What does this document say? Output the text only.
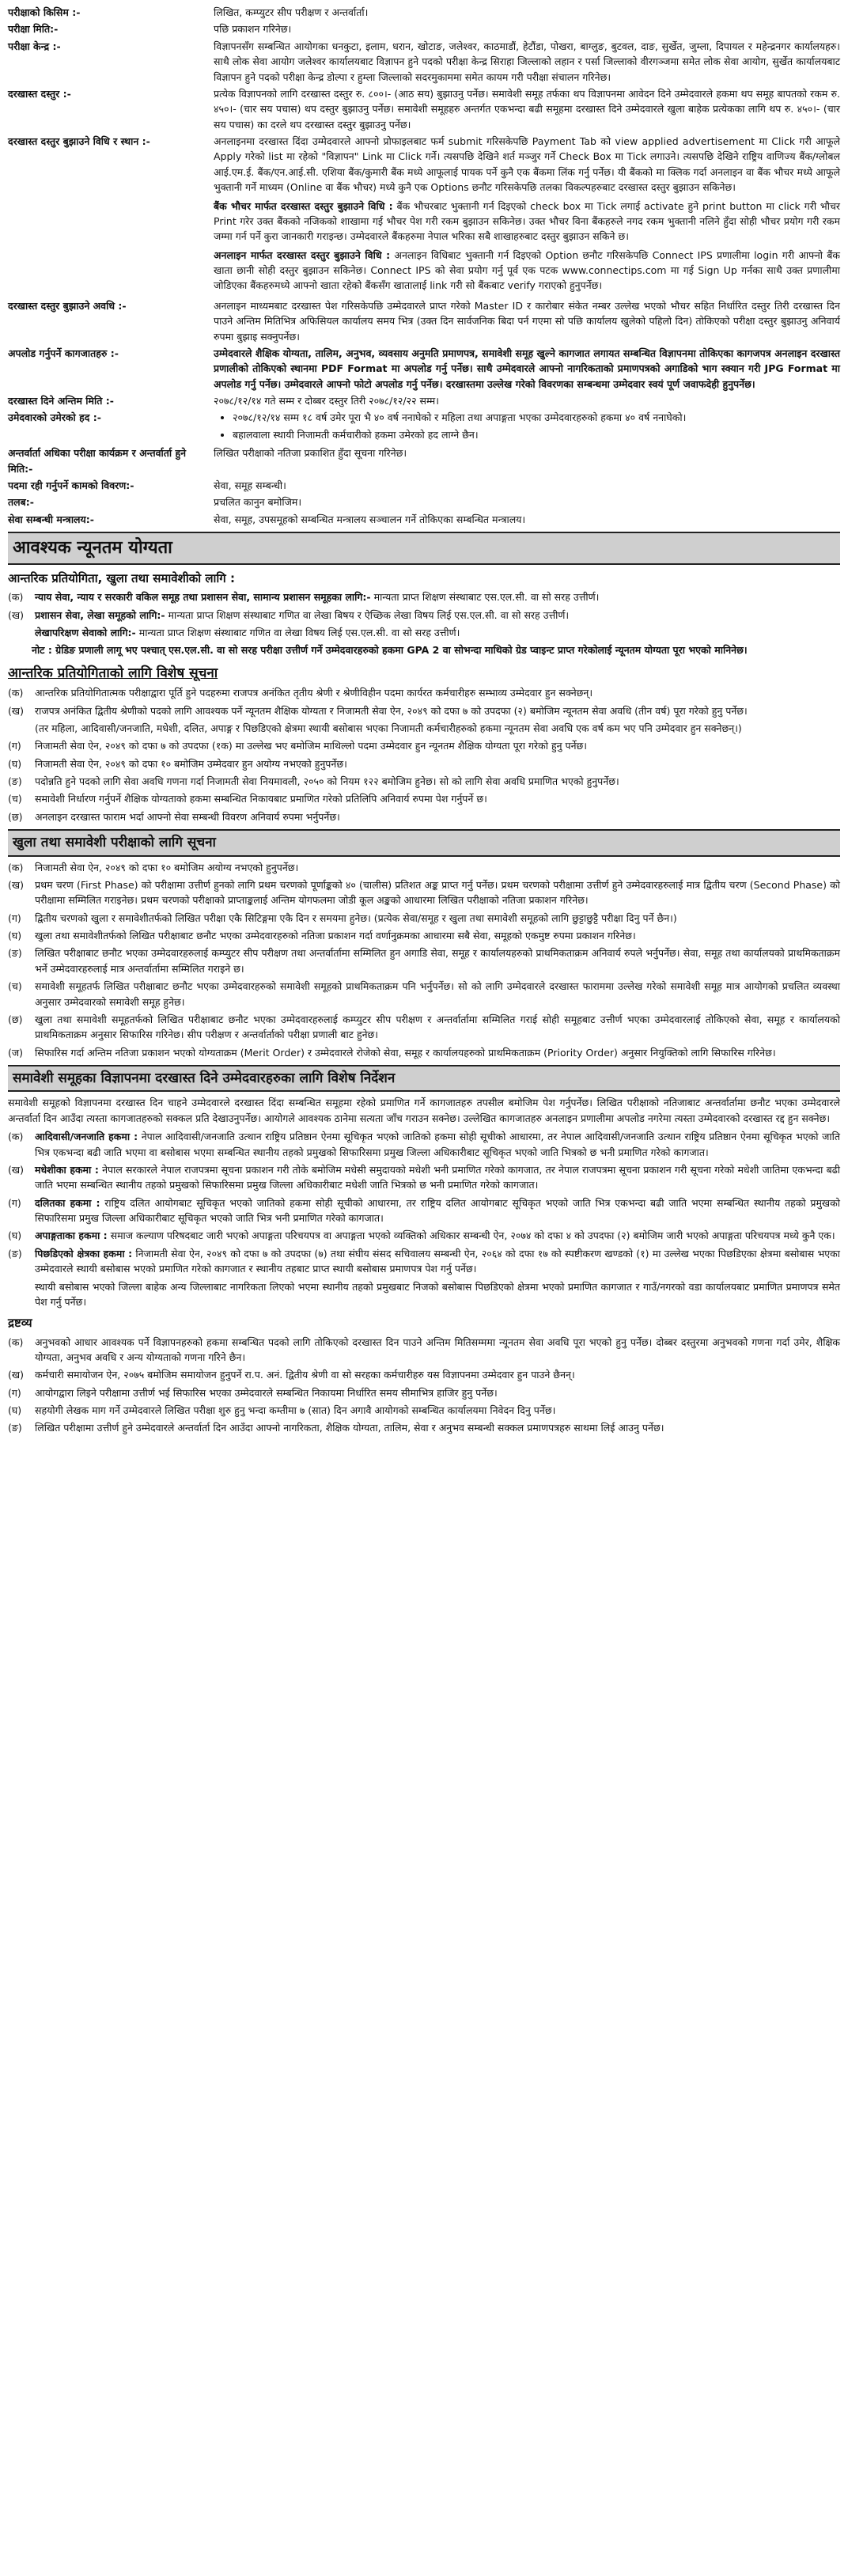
परीक्षाको किसिम :-	लिखित, कम्प्युटर सीप परीक्षण र अन्तर्वार्ता।
परीक्षा मिति:-	पछि प्रकाशन गरिनेछ।
परीक्षा केन्द्र :-	विज्ञापनसँग सम्बन्धित आयोगका धनकुटा, इलाम, धरान, खोटाङ, जलेश्वर, काठमाडौं, हेटौंडा, पोखरा, बाग्लुङ, बुटवल, दाङ, सुर्खेत, जुम्ला, दिपायल र महेन्द्रनगर कार्यालयहरु। साथै लोक सेवा आयोग जलेश्वर कार्यालयबाट विज्ञापन हुने पदको परीक्षा केन्द्र सिराहा जिल्लाको लहान र पर्सा जिल्लाको वीरगञ्जमा समेत लोक सेवा आयोग, सुर्खेत कार्यालयबाट विज्ञापन हुने पदको परीक्षा केन्द्र डोल्पा र हुम्ला जिल्लाको सदरमुकाममा समेत कायम गरी परीक्षा संचालन गरिनेछ।
दरखास्त दस्तुर :-	प्रत्येक विज्ञापनको लागि दरखास्त दस्तुर रु. ८००।- (आठ सय) बुझाउनु पर्नेछ। समावेशी समूह तर्फका थप विज्ञापनमा आवेदन दिने उम्मेदवारले हकमा थप समूह बापतको रकम रु. ४५०।- (चार सय पचास) थप दस्तुर बुझाउनु पर्नेछ। समावेशी समूहहरु अन्तर्गत एकभन्दा बढी समूहमा दरखास्त दिने उम्मेदवारले खुला बाहेक प्रत्येकका लागि थप रु. ४५०।- (चार सय पचास) का दरले थप दरखास्त दस्तुर बुझाउनु पर्नेछ।
दरखास्त दस्तुर बुझाउने विधि र स्थान :-	अनलाइनमा दरखास्त दिंदा उम्मेदवारले आफ्नो प्रोफाइलबाट फर्म submit गरिसकेपछि Payment Tab को view applied advertisement मा Click गरी आफूले Apply गरेको list मा रहेको "विज्ञापन" Link मा Click गर्ने। त्यसपछि देखिने शर्त मञ्जुर गर्ने Check Box मा Tick लगाउने। त्यसपछि देखिने राष्ट्रिय वाणिज्य बैंक/ग्लोबल आई.एम.ई. बैंक/एन.आई.सी. एशिया बैंक/कुमारी बैंक मध्ये आफूलाई पायक पर्ने कुनै एक बैंकमा लिंक गर्नु पर्नेछ। यी बैंकको मा क्लिक गर्दा अनलाइन वा बैंक भौचर मध्ये आफूले भुक्तानी गर्ने माध्यम (Online वा बैंक भौचर) मध्ये कुनै एक Options छनौट गरिसकेपछि तलका विकल्पहरुबाट दरखास्त दस्तुर बुझाउन सकिनेछ।

बैंक भौचर मार्फत दरखास्त दस्तुर बुझाउने विधि : बैंक भौचरबाट भुक्तानी गर्न दिइएको check box मा Tick लगाई activate हुने print button मा click गरी भौचर Print गरेर उक्त बैंकको नजिकको शाखामा गई भौचर पेश गरी रकम बुझाउन सकिनेछ। उक्त भौचर विना बैंकहरुले नगद रकम भुक्तानी नलिने हुँदा सोही भौचर प्रयोग गरी रकम जम्मा गर्न पर्ने कुरा जानकारी गराइन्छ। उम्मेदवारले बैंकहरुमा नेपाल भरिका सबै शाखाहरुबाट दस्तुर बुझाउन सकिने छ।

अनलाइन मार्फत दरखास्त दस्तुर बुझाउने विधि : अनलाइन विधिबाट भुक्तानी गर्न दिइएको Option छनौट गरिसकेपछि Connect IPS प्रणालीमा login गरी आफ्नो बैंक खाता छानी सोही दस्तुर बुझाउन सकिनेछ। Connect IPS को सेवा प्रयोग गर्नु पूर्व एक पटक www.connectips.com मा गई Sign Up गर्नका साथै उक्त प्रणालीमा जोडिएका बैंकहरुमध्ये आफ्नो खाता रहेको बैंकसँग खातालाई link गरी सो बैंकबाट verify गराएको हुनुपर्नेछ।

दरखास्त दस्तुर बुझाउने अवधि :-	अनलाइन माध्यमबाट दरखास्त पेश गरिसकेपछि उम्मेदवारले प्राप्त गरेको Master ID र कारोबार संकेत नम्बर उल्लेख भएको भौचर सहित निर्धारित दस्तुर तिरी दरखास्त दिन पाउने अन्तिम मितिभित्र अफिसियल कार्यालय समय भित्र (उक्त दिन सार्वजनिक बिदा पर्न गएमा सो पछि कार्यालय खुलेको पहिलो दिन) तोकिएको परीक्षा दस्तुर बुझाउनु अनिवार्य रुपमा बुझाइ सक्नुपर्नेछ।
अपलोड गर्नुपर्ने कागजातहरु :-	उम्मेदवारले शैक्षिक योग्यता, तालिम, अनुभव, व्यवसाय अनुमति प्रमाणपत्र, समावेशी समूह खुल्ने कागजात लगायत सम्बन्धित विज्ञापनमा तोकिएका कागजपत्र अनलाइन दरखास्त प्रणालीको तोकिएको स्थानमा PDF Format मा अपलोड गर्नु पर्नेछ। साथै उम्मेदवारले आफ्नो नागरिकताको प्रमाणपत्रको अगाडिको भाग स्क्यान गरी JPG Format मा अपलोड गर्नु पर्नेछ। उम्मेदवारले आफ्नो फोटो अपलोड गर्नु पर्नेछ। दरखास्तमा उल्लेख गरेको विवरणका सम्बन्धमा उम्मेदवार स्वयं पूर्ण जवाफदेही हुनुपर्नेछ।
दरखास्त दिने अन्तिम मिति :-	२०७८/१२/१४ गते सम्म र दोब्बर दस्तुर तिरी २०७८/१२/२२ सम्म।
उमेदवारको उमेरको हद :-
•	२०७८/१२/१४ सम्म १८ वर्ष उमेर पूरा भै ४० वर्ष ननाघेको र महिला तथा अपाङ्गता भएका उम्मेदवारहरुको हकमा ४० वर्ष ननाघेको।
• बहालवाला स्थायी निजामती कर्मचारीको हकमा उमेरको हद लाग्ने छैन।
अन्तर्वार्ता अधिका परीक्षा कार्यक्रम र अन्तर्वार्ता हुने मिति:-
लिखित परीक्षाको नतिजा प्रकाशित हुँदा सूचना गरिनेछ।
पदमा रही गर्नुपर्ने कामको विवरण:-	सेवा, समूह सम्बन्धी।
तलब:-	प्रचलित कानुन बमोजिम।
सेवा सम्बन्धी मन्त्रालय:-	सेवा, समूह, उपसमूहको सम्बन्धित मन्त्रालय सञ्चालन गर्ने तोकिएका सम्बन्धित मन्त्रालय।
आवश्यक न्यूनतम योग्यता
आन्तरिक प्रतियोगिता, खुला तथा समावेशीको लागि :
(क)	न्याय सेवा, न्याय र सरकारी वकिल समूह तथा प्रशासन सेवा, सामान्य प्रशासन समूहका लागि:- मान्यता प्राप्त शिक्षण संस्थाबाट एस.एल.सी. वा सो सरह उत्तीर्ण।
(ख)	प्रशासन सेवा, लेखा समूहको लागि:- मान्यता प्राप्त शिक्षण संस्थाबाट गणित वा लेखा बिषय र ऐच्छिक लेखा विषय लिई एस.एल.सी. वा सो सरह उत्तीर्ण।
लेखापरिक्षण सेवाको लागि:- मान्यता प्राप्त शिक्षण संस्थाबाट गणित वा लेखा विषय लिई एस.एल.सी. वा सो सरह उत्तीर्ण।
नोट : ग्रेडिङ प्रणाली लागू भए पश्चात् एस.एल.सी. वा सो सरह परीक्षा उत्तीर्ण गर्ने उम्मेदवारहरुको हकमा GPA 2 वा सोभन्दा माथिको ग्रेड प्वाइन्ट प्राप्त गरेकोलाई न्यूनतम योग्यता पूरा भएको मानिनेछ।
आन्तरिक प्रतियोगिताको लागि विशेष सूचना
(क)	आन्तरिक प्रतियोगितात्मक परीक्षाद्वारा पूर्ति हुने पदहरुमा राजपत्र अनंकित तृतीय श्रेणी र श्रेणीविहीन पदमा कार्यरत कर्मचारीहरु सम्भाव्य उम्मेदवार हुन सक्नेछन्।
(ख)	राजपत्र अनंकित द्वितीय श्रेणीको पदको लागि आवश्यक पर्ने न्यूनतम शैक्षिक योग्यता र निजामती सेवा ऐन, २०४९ को दफा ७ को उपदफा (२) बमोजिम न्यूनतम सेवा अवधि (तीन वर्ष) पूरा गरेको हुनु पर्नेछ।
(तर महिला, आदिवासी/जनजाति, मधेशी, दलित, अपाङ्ग र पिछडिएको क्षेत्रमा स्थायी बसोबास भएका निजामती कर्मचारीहरुको हकमा न्यूनतम सेवा अवधि एक वर्ष कम भए पनि उम्मेदवार हुन सक्नेछन्।)
(ग)	निजामती सेवा ऐन, २०४९ को दफा ७ को उपदफा (१क) मा उल्लेख भए बमोजिम माथिल्लो पदमा उम्मेदवार हुन न्यूनतम शैक्षिक योग्यता पूरा गरेको हुनु पर्नेछ।
(घ)	निजामती सेवा ऐन, २०४९ को दफा १० बमोजिम उम्मेदवार हुन अयोग्य नभएको हुनुपर्नेछ।
(ङ)	पदोन्नति हुने पदको लागि सेवा अवधि गणना गर्दा निजामती सेवा नियमावली, २०५० को नियम १२२ बमोजिम हुनेछ। सो को लागि सेवा अवधि प्रमाणित भएको हुनुपर्नेछ।
(च)	समावेशी निर्धारण गर्नुपर्ने शैक्षिक योग्यताको हकमा सम्बन्धित निकायबाट प्रमाणित गरेको प्रतिलिपि अनिवार्य रुपमा पेश गर्नुपर्ने छ।
(छ)	अनलाइन दरखास्त फाराम भर्दा आफ्नो सेवा सम्बन्धी विवरण अनिवार्य रुपमा भर्नुपर्नेछ।
खुला तथा समावेशी परीक्षाको लागि सूचना
(क)	निजामती सेवा ऐन, २०४९ को दफा १० बमोजिम अयोग्य नभएको हुनुपर्नेछ।
(ख)	प्रथम चरण (First Phase) को परीक्षामा उत्तीर्ण हुनको लागि प्रथम चरणको पूर्णाङ्कको ४० (चालीस) प्रतिशत अङ्क प्राप्त गर्नु पर्नेछ। प्रथम चरणको परीक्षामा उत्तीर्ण हुने उम्मेदवारहरुलाई मात्र द्वितीय चरण (Second Phase) को परीक्षामा सम्मिलित गराइनेछ। प्रथम चरणको परीक्षाको प्राप्ताङ्कलाई अन्तिम योगफलमा जोडी कूल अङ्कको आधारमा लिखित परीक्षाको नतिजा प्रकाशन गरिनेछ।
(ग)	द्वितीय चरणको खुला र समावेशीतर्फको लिखित परीक्षा एकै सिटिङ्गमा एकै दिन र समयमा हुनेछ। (प्रत्येक सेवा/समूह र खुला तथा समावेशी समूहको लागि छुट्टाछुट्टै परीक्षा दिनु पर्ने छैन।)
(घ)	खुला तथा समावेशीतर्फको लिखित परीक्षाबाट छनौट भएका उम्मेदवारहरुको नतिजा प्रकाशन गर्दा वर्णानुक्रमका आधारमा सबै सेवा, समूहको एकमुष्ट रुपमा प्रकाशन गरिनेछ।
(ङ)	लिखित परीक्षाबाट छनौट भएका उम्मेदवारहरुलाई कम्प्युटर सीप परीक्षण तथा अन्तर्वार्तामा सम्मिलित हुन अगाडि सेवा, समूह र कार्यालयहरुको प्राथमिकताक्रम अनिवार्य रुपले भर्नुपर्नेछ। सेवा, समूह तथा कार्यालयको प्राथमिकताक्रम भर्ने उम्मेदवारहरुलाई मात्र अन्तर्वार्तामा सम्मिलित गराइने छ।
(च)	समावेशी समूहतर्फ लिखित परीक्षाबाट छनौट भएका उम्मेदवारहरुको समावेशी समूहको प्राथमिकताक्रम पनि भर्नुपर्नेछ। सो को लागि उम्मेदवारले दरखास्त फाराममा उल्लेख गरेको समावेशी समूह मात्र आयोगको प्रचलित व्यवस्था अनुसार उम्मेदवारको समावेशी समूह हुनेछ।
(छ)	खुला तथा समावेशी समूहतर्फको लिखित परीक्षाबाट छनौट भएका उम्मेदवारहरुलाई कम्प्युटर सीप परीक्षण र अन्तर्वार्तामा सम्मिलित गराई सोही समूहबाट उत्तीर्ण भएका उम्मेदवारलाई तोकिएको सेवा, समूह र कार्यालयको प्राथमिकताक्रम अनुसार सिफारिस गरिनेछ। सीप परीक्षण र अन्तर्वार्ताको परीक्षा प्रणाली बाट हुनेछ।
(ज)	सिफारिस गर्दा अन्तिम नतिजा प्रकाशन भएको योग्यताक्रम (Merit Order) र उम्मेदवारले रोजेको सेवा, समूह र कार्यालयहरुको प्राथमिकताक्रम (Priority Order) अनुसार नियुक्तिको लागि सिफारिस गरिनेछ।
समावेशी समूहका विज्ञापनमा दरखास्त दिने उम्मेदवारहरुका लागि विशेष निर्देशन
समावेशी समूहको विज्ञापनमा दरखास्त दिन चाहने उम्मेदवारले दरखास्त दिंदा सम्बन्धित समूहमा रहेको प्रमाणित गर्ने कागजातहरु तपसील बमोजिम पेश गर्नुपर्नेछ। लिखित परीक्षाको नतिजाबाट अन्तर्वार्तामा छनौट भएका उम्मेदवारले अन्तर्वार्ता दिन आउँदा त्यस्ता कागजातहरुको सक्कल प्रति देखाउनुपर्नेछ। आयोगले आवश्यक ठानेमा सत्यता जाँच गराउन सक्नेछ। उल्लेखित कागजातहरु अनलाइन प्रणालीमा अपलोड नगरेमा त्यस्ता उम्मेदवारको दरखास्त रद्द हुन सक्नेछ।
(क)	आदिवासी/जनजाति हकमा : नेपाल आदिवासी/जनजाति उत्थान राष्ट्रिय प्रतिष्ठान ऐनमा सूचिकृत भएको जातिको हकमा सोही सूचीको आधारमा, तर नेपाल आदिवासी/जनजाति उत्थान राष्ट्रिय प्रतिष्ठान ऐनमा सूचिकृत भएको जाति भित्र एकभन्दा बढी जाति भएमा वा बसोबास भएमा सम्बन्धित स्थानीय तहको प्रमुखको सिफारिसमा प्रमुख जिल्ला अधिकारीबाट सूचिकृत भएको जाति भित्रको छ भनी प्रमाणित गरेको कागजात।
(ख)	मधेशीका हकमा : नेपाल सरकारले नेपाल राजपत्रमा सूचना प्रकाशन गरी तोके बमोजिम मधेसी समुदायको मधेशी भनी प्रमाणित गरेको कागजात, तर नेपाल राजपत्रमा सूचना प्रकाशन गरी सूचना गरेको मधेशी जातिमा एकभन्दा बढी जाति भएमा सम्बन्धित स्थानीय तहको प्रमुखको सिफारिसमा प्रमुख जिल्ला अधिकारीबाट मधेशी जाति भित्रको छ भनी प्रमाणित गरेको कागजात।
(ग)	दलितका हकमा : राष्ट्रिय दलित आयोगबाट सूचिकृत भएको जातिको हकमा सोही सूचीको आधारमा, तर राष्ट्रिय दलित आयोगबाट सूचिकृत भएको जाति भित्र एकभन्दा बढी जाति भएमा सम्बन्धित स्थानीय तहको प्रमुखको सिफारिसमा प्रमुख जिल्ला अधिकारीबाट सूचिकृत भएको जाति भित्र भनी प्रमाणित गरेको कागजात।
(घ)	अपाङ्गताका हकमा : समाज कल्याण परिषदबाट जारी भएको अपाङ्गता परिचयपत्र वा अपाङ्गता भएको व्यक्तिको अधिकार सम्बन्धी ऐन, २०७४ को दफा ४ को उपदफा (२) बमोजिम जारी भएको अपाङ्गता परिचयपत्र मध्ये कुनै एक।
(ङ)	पिछडिएको क्षेत्रका हकमा : निजामती सेवा ऐन, २०४९ को दफा ७ को उपदफा (७) तथा संघीय संसद सचिवालय सम्बन्धी ऐन, २०६४ को दफा १७ को स्पष्टीकरण खण्डको (१) मा उल्लेख भएका पिछडिएका क्षेत्रमा बसोबास भएका उम्मेदवारले स्थायी बसोबास भएको प्रमाणित गरेको कागजात र स्थानीय तहबाट प्राप्त स्थायी बसोबास प्रमाणपत्र पेश गर्नु पर्नेछ।
स्थायी बसोबास भएको जिल्ला बाहेक अन्य जिल्लाबाट नागरिकता लिएको भएमा स्थानीय तहको प्रमुखबाट निजको बसोबास पिछडिएको क्षेत्रमा भएको प्रमाणित कागजात र गाउँ/नगरको वडा कार्यालयबाट प्रमाणित प्रमाणपत्र समेत पेश गर्नु पर्नेछ।
द्रष्टव्य
(क)	अनुभवको आधार आवश्यक पर्ने विज्ञापनहरुको हकमा सम्बन्धित पदको लागि तोकिएको दरखास्त दिन पाउने अन्तिम मितिसम्ममा न्यूनतम सेवा अवधि पूरा भएको हुनु पर्नेछ। दोब्बर दस्तुरमा अनुभवको गणना गर्दा उमेर, शैक्षिक योग्यता, अनुभव अवधि र अन्य योग्यताको गणना गरिने छैन।
(ख)	कर्मचारी समायोजन ऐन, २०७५ बमोजिम समायोजन हुनुपर्ने रा.प. अनं. द्वितीय श्रेणी वा सो सरहका कर्मचारीहरु यस विज्ञापनमा उम्मेदवार हुन पाउने छैनन्।
(ग)	आयोगद्वारा लिइने परीक्षामा उत्तीर्ण भई सिफारिस भएका उम्मेदवारले सम्बन्धित निकायमा निर्धारित समय सीमाभित्र हाजिर हुनु पर्नेछ।
(घ)	सहयोगी लेखक माग गर्ने उम्मेदवारले लिखित परीक्षा शुरु हुनु भन्दा कम्तीमा ७ (सात) दिन अगावै आयोगको सम्बन्धित कार्यालयमा निवेदन दिनु पर्नेछ।
(ङ)	लिखित परीक्षामा उत्तीर्ण हुने उम्मेदवारले अन्तर्वार्ता दिन आउँदा आफ्नो नागरिकता, शैक्षिक योग्यता, तालिम, सेवा र अनुभव सम्बन्धी सक्कल प्रमाणपत्रहरु साथमा लिई आउनु पर्नेछ।
